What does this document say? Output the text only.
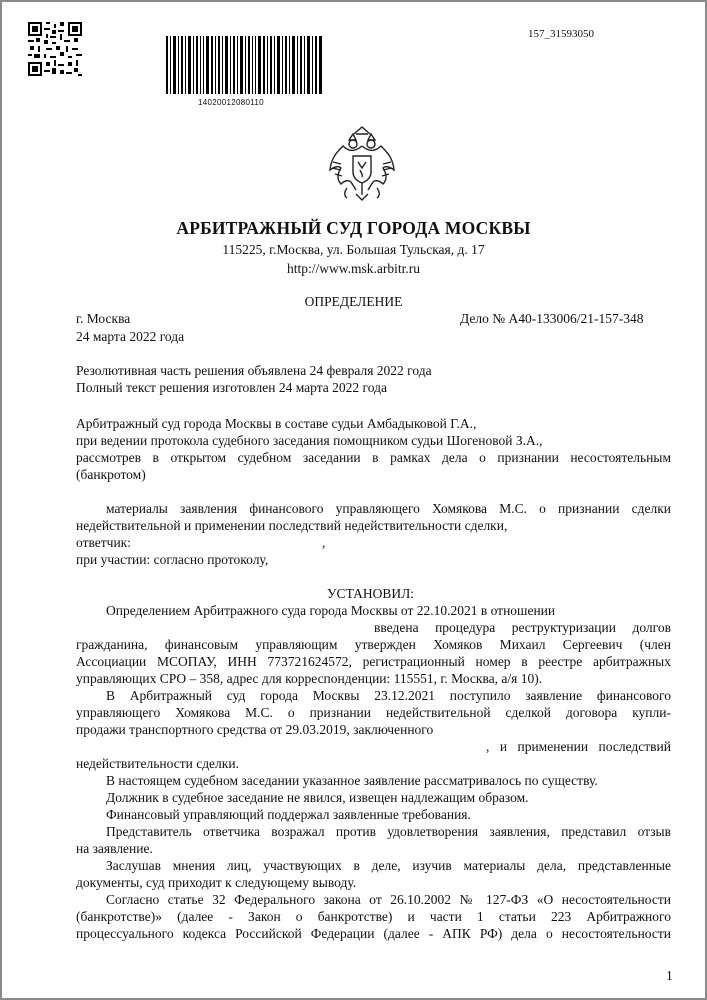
157_31593050
14020012080110
АРБИТРАЖНЫЙ СУД ГОРОДА МОСКВЫ
115225, г.Москва, ул. Большая Тульская, д. 17
http://www.msk.arbitr.ru
ОПРЕДЕЛЕНИЕ
г. Москва	Дело № А40-133006/21-157-348
24 марта 2022 года
Резолютивная часть решения объявлена 24 февраля 2022 года
Полный текст решения изготовлен 24 марта 2022 года
Арбитражный суд города Москвы в составе судьи Амбадыковой Г.А.,
при ведении протокола судебного заседания помощником судьи Шогеновой З.А.,
рассмотрев в открытом судебном заседании в рамках дела о признании несостоятельным
(банкротом)
материалы заявления финансового управляющего Хомякова М.С. о признании сделки
недействительной и применении последствий недействительности сделки,
ответчик:	,
при участии: согласно протоколу,
УСТАНОВИЛ:
Определением Арбитражного суда города Москвы от 22.10.2021 в отношении
введена процедура реструктуризации долгов
гражданина, финансовым управляющим утвержден Хомяков Михаил Сергеевич (член
Ассоциации МСОПАУ, ИНН 773721624572, регистрационный номер в реестре арбитражных
управляющих СРО – 358, адрес для корреспонденции: 115551, г. Москва, а/я 10).
В Арбитражный суд города Москвы 23.12.2021 поступило заявление финансового
управляющего Хомякова М.С. о признании недействительной сделкой договора купли-
продажи транспортного средства от 29.03.2019, заключенного
, и применении последствий
недействительности сделки.
В настоящем судебном заседании указанное заявление рассматривалось по существу.
Должник в судебное заседание не явился, извещен надлежащим образом.
Финансовый управляющий поддержал заявленные требования.
Представитель ответчика возражал против удовлетворения заявления, представил отзыв
на заявление.
Заслушав мнения лиц, участвующих в деле, изучив материалы дела, представленные
документы, суд приходит к следующему выводу.
Согласно статье 32 Федерального закона от 26.10.2002 № 127-ФЗ «О несостоятельности
(банкротстве)» (далее - Закон о банкротстве) и части 1 статьи 223 Арбитражного
процессуального кодекса Российской Федерации (далее - АПК РФ) дела о несостоятельности
1
